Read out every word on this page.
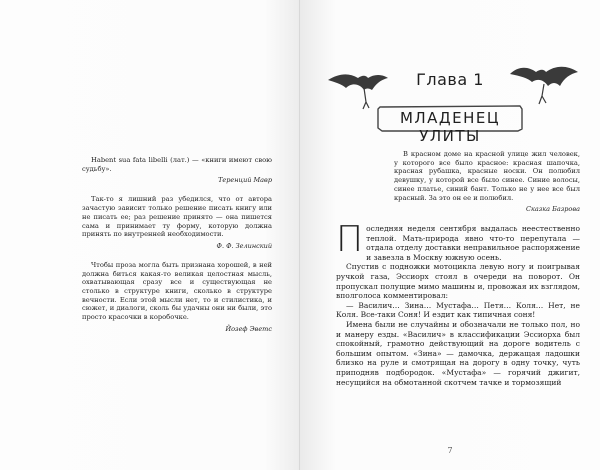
Habent sua fata libelli (лат.) — «книги имеют свою судьбу».

Теренций Мавр

Так-то я лишний раз убедился, что от автора зачастую зависит только решение писать книгу или не писать ее; раз решение принято — она пишется сама и принимает ту форму, которую должна принять по внутренней необходимости.

Ф. Ф. Зелинский

Чтобы проза могла быть признана хорошей, в ней должна биться какая-то великая целостная мысль, охватывающая сразу все и существующая не столько в структуре книги, сколько в структуре вечности. Если этой мысли нет, то и стилистика, и сюжет, и диалоги, сколь бы удачны они ни были, это просто красочки в коробочке.

Йозеф Эветс

Глава 1
МЛАДЕНЕЦ УЛИТЫ

В красном доме на красной улице жил человек, у которого все было красное: красная шапочка, красная рубашка, красные носки. Он полюбил девушку, у которой все было синее. Синие волосы, синее платье, синий бант. Только не у нее все был красный. За это он ее и полюбил.

Сказка Базрова

Последняя неделя сентября выдалась неестественно теплой. Мать-природа явно что-то перепутала — отдала отделу доставки неправильное распоряжение и завезла в Москву южную осень.

Спустив с подножки мотоцикла левую ногу и поигрывая ручкой газа, Эссиорх стоял в очереди на поворот. Он пропускал полущие мимо машины и, провожая их взглядом, вполголоса комментировал:

— Василич… Зина… Мустафа… Петя… Коля… Нет, не Коля. Все-таки Соня! И ездит как типичная соня!

Имена были не случайны и обозначали не только пол, но и манеру езды. «Василич» в классификации Эссиорха был спокойный, грамотно действующий на дороге водитель с большим опытом. «Зина» — дамочка, держащая ладошки близко на руле и смотрящая на дорогу в одну точку, чуть приподняв подбородок. «Мустафа» — горячий джигит, несущийся на обмотанной скотчем тачке и тормозящий

7
